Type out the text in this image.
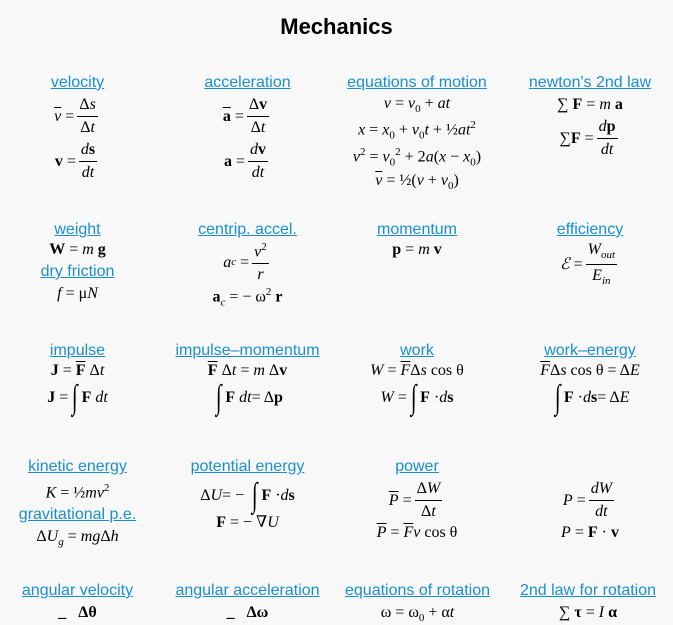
Mechanics
velocity
$\overline{v} = \frac{\Delta s}{\Delta t}$
$v = \frac{ds}{dt}$
acceleration
$\overline{a} = \frac{\Delta v}{\Delta t}$
$a = \frac{dv}{dt}$
equations of motion
$v = v_0$ + at
$x = x_0 + v_0t$ + $\frac{1}{2}at^2$
$v^2 = v_0^2 + 2a(x - x_0)$
$\overline{v}$ = ½(v + $v_0$)
newton's 2nd law
∑ F = m a
∑ $F = \frac{dp}{dt}$
weight
W = m g
dry friction
f = μN
centrip. accel.
a $c = \frac{v^2}{r}$
$a_c$ = − $\omega^2$ r
momentum
p = m v
efficiency
ℰ = $\frac{W_{out}}{E_{in}}$
impulse
$J = \overline{F}$ Δt
J = ∫ F
dt
impulse–momentum
$\overline{F}$ Δt = m Δv
∫ F
dt = Δ p
work
$W = \overline{F}\Delta s$ cos θ
W = ∫ F · d s
work–energy
$\overline{F}\Delta s$ cos θ = ΔE
∫ F · d s = Δ E
kinetic energy
$K = \frac{1}{2}mv^2$
gravitational p.e.
$\Delta U_g = mg\Delta h$
potential energy
Δ U = − ∫ F · d s
F = − ∇U
power
$\overline{P} = \frac{\Delta W}{\Delta t}$
$\overline{P} = \overline{F}v$ cos θ
$P = \frac{dW}{dt}$
P = F · v
angular velocity
_   Δθ
angular acceleration
_   Δω
equations of rotation
$\omega = \omega_0 + \alpha t$
2nd law for rotation
∑ τ = I α
